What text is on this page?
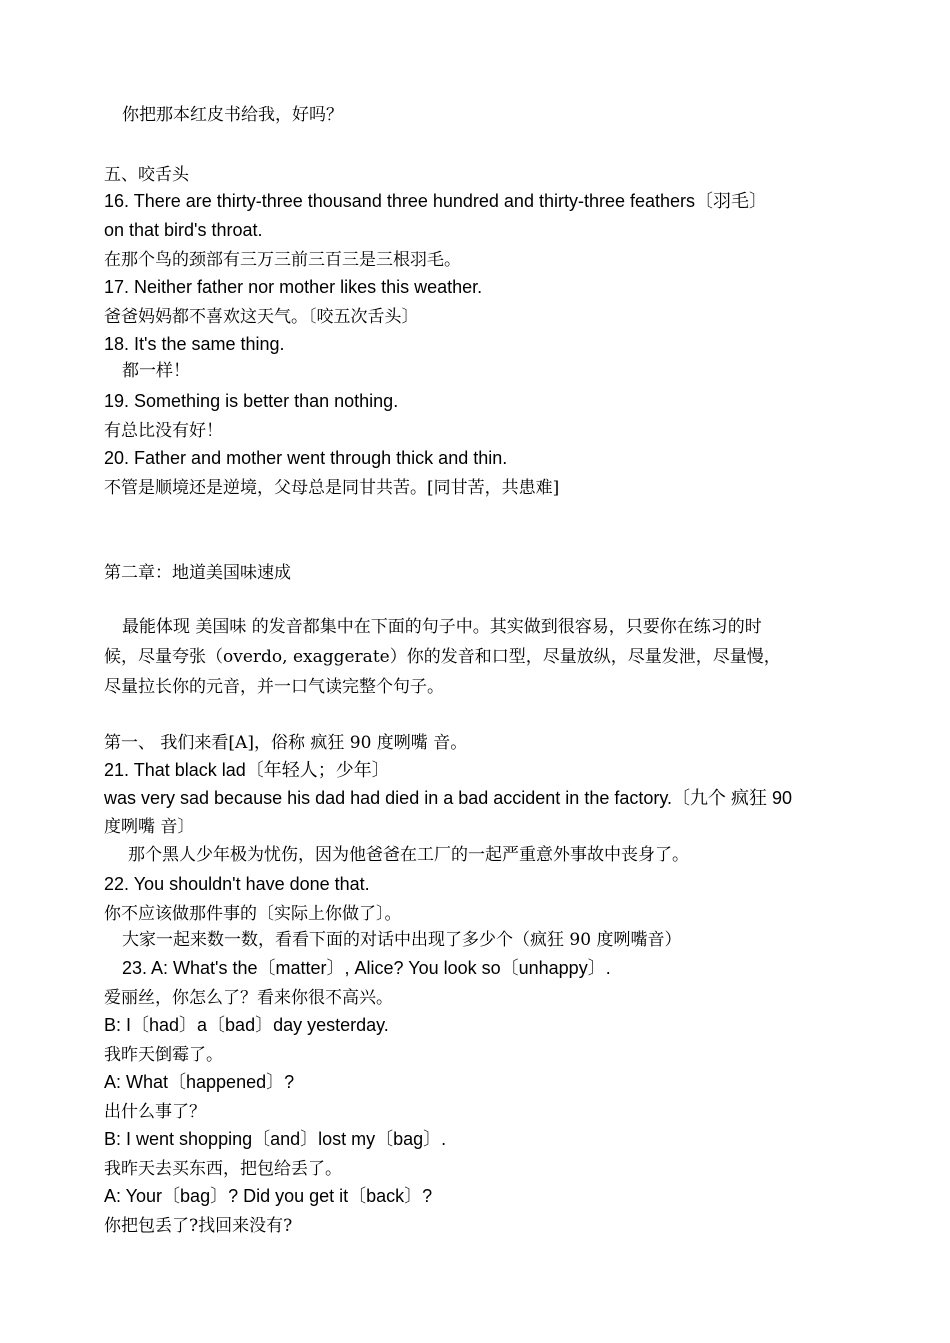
你把那本红皮书给我，好吗？
五、咬舌头
16. There are thirty-three thousand three hundred and thirty-three feathers〔羽毛〕
on that bird's throat.
在那个鸟的颈部有三万三前三百三是三根羽毛。
17. Neither father nor mother likes this weather.
爸爸妈妈都不喜欢这天气。〔咬五次舌头〕
18. It's the same thing.
都一样！
19. Something is better than nothing.
有总比没有好！
20. Father and mother went through thick and thin.
不管是顺境还是逆境，父母总是同甘共苦。[同甘苦，共患难]
第二章：地道美国味速成
最能体现 美国味 的发音都集中在下面的句子中。其实做到很容易，只要你在练习的时
候，尽量夸张（overdo, exaggerate）你的发音和口型，尽量放纵，尽量发泄，尽量慢，
尽量拉长你的元音，并一口气读完整个句子。
第一、 我们来看[A]，俗称 疯狂 90 度咧嘴 音。
21. That black lad〔年轻人；少年〕
was very sad because his dad had died in a bad accident in the factory.〔九个 疯狂 90
度咧嘴 音〕
那个黑人少年极为忧伤，因为他爸爸在工厂的一起严重意外事故中丧身了。
22. You shouldn't have done that.
你不应该做那件事的〔实际上你做了〕。
大家一起来数一数，看看下面的对话中出现了多少个（疯狂 90 度咧嘴音）
23. A: What's the〔matter〕, Alice? You look so〔unhappy〕.
爱丽丝，你怎么了？看来你很不高兴。
B: I〔had〕a〔bad〕day yesterday.
我昨天倒霉了。
A: What〔happened〕?
出什么事了？
B: I went shopping〔and〕lost my〔bag〕.
我昨天去买东西，把包给丢了。
A: Your〔bag〕? Did you get it〔back〕?
你把包丢了?找回来没有?
